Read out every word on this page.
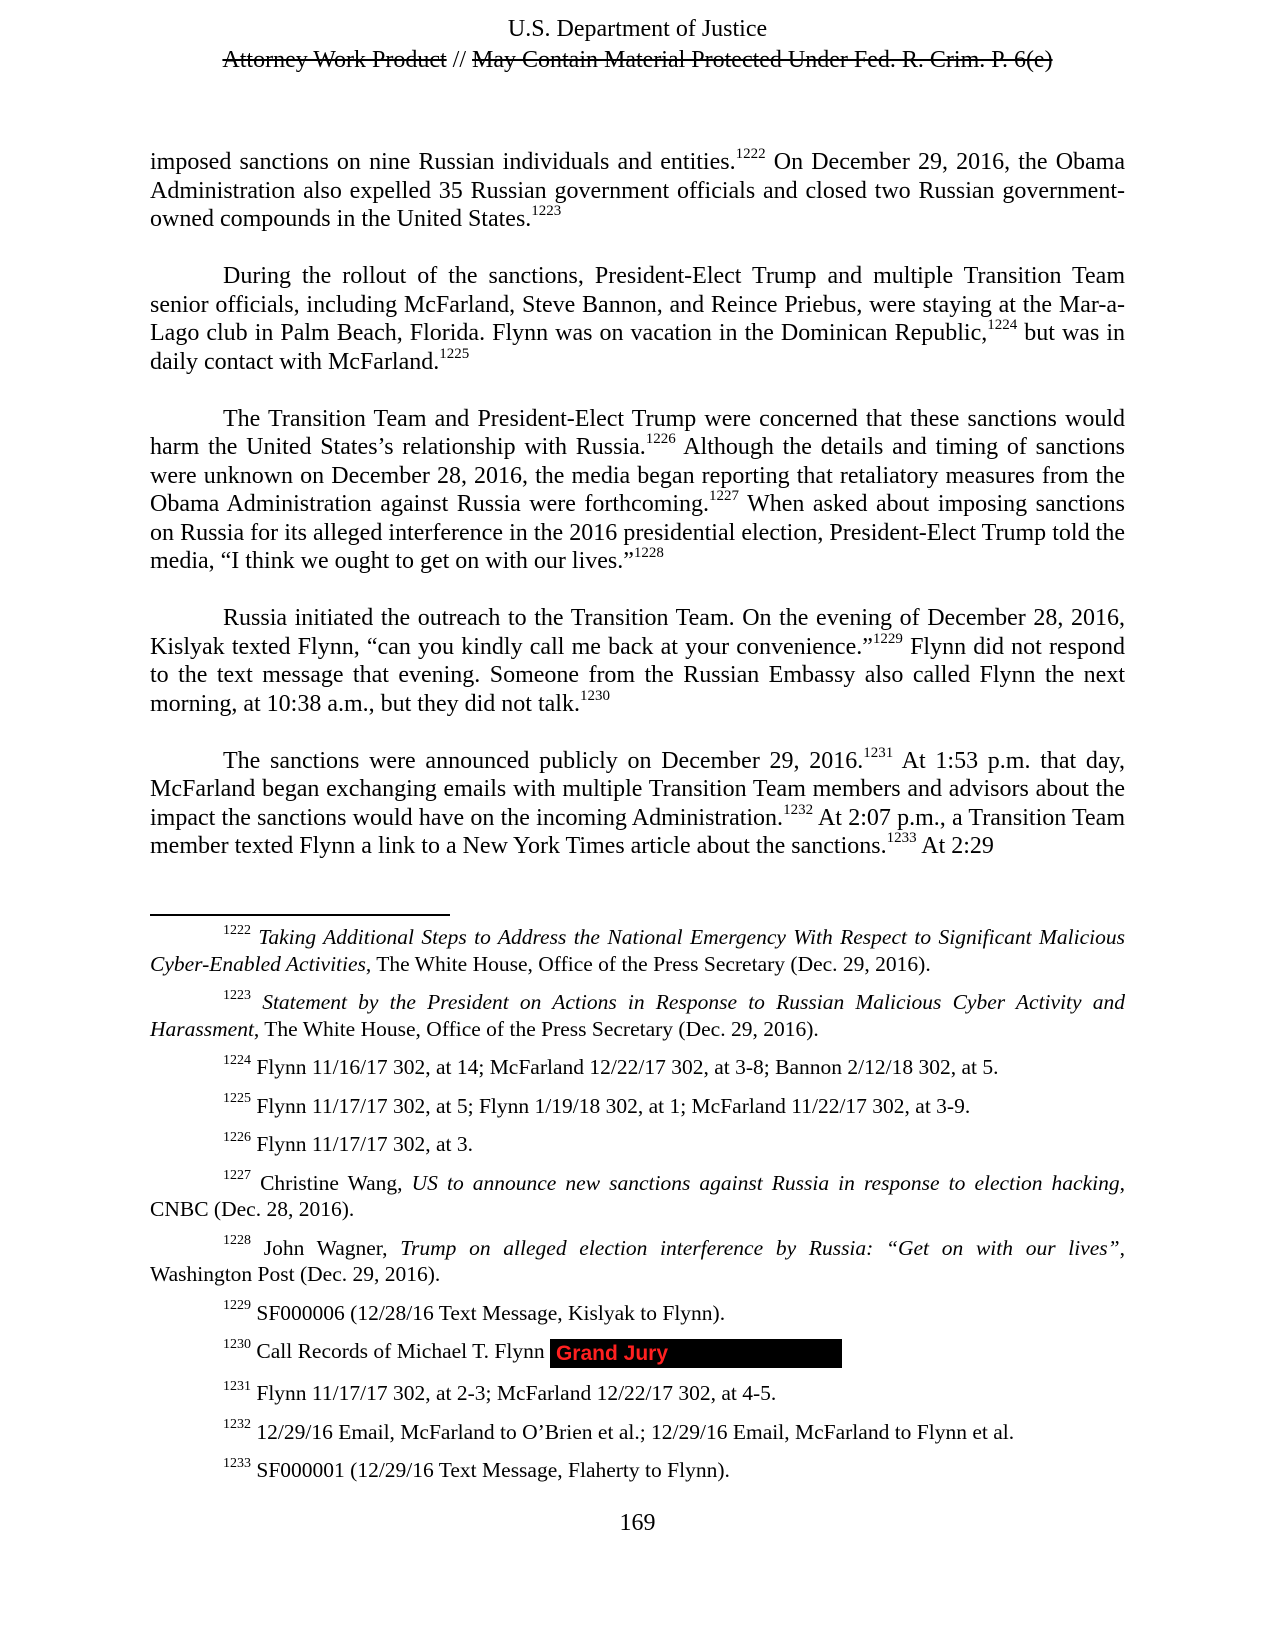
U.S. Department of Justice
Attorney Work Product // May Contain Material Protected Under Fed. R. Crim. P. 6(e)

imposed sanctions on nine Russian individuals and entities.$^{1222}$ On December 29, 2016, the Obama Administration also expelled 35 Russian government officials and closed two Russian government-owned compounds in the United States.$^{1223}$

During the rollout of the sanctions, President-Elect Trump and multiple Transition Team senior officials, including McFarland, Steve Bannon, and Reince Priebus, were staying at the Mar-a-Lago club in Palm Beach, Florida. Flynn was on vacation in the Dominican Republic,$^{1224}$ but was in daily contact with McFarland.$^{1225}$

The Transition Team and President-Elect Trump were concerned that these sanctions would harm the United States’s relationship with Russia.$^{1226}$ Although the details and timing of sanctions were unknown on December 28, 2016, the media began reporting that retaliatory measures from the Obama Administration against Russia were forthcoming.$^{1227}$ When asked about imposing sanctions on Russia for its alleged interference in the 2016 presidential election, President-Elect Trump told the media, “I think we ought to get on with our lives.”$^{1228}$

Russia initiated the outreach to the Transition Team. On the evening of December 28, 2016, Kislyak texted Flynn, “can you kindly call me back at your convenience.”$^{1229}$ Flynn did not respond to the text message that evening. Someone from the Russian Embassy also called Flynn the next morning, at 10:38 a.m., but they did not talk.$^{1230}$

The sanctions were announced publicly on December 29, 2016.$^{1231}$ At 1:53 p.m. that day, McFarland began exchanging emails with multiple Transition Team members and advisors about the impact the sanctions would have on the incoming Administration.$^{1232}$ At 2:07 p.m., a Transition Team member texted Flynn a link to a New York Times article about the sanctions.$^{1233}$ At 2:29

$^{1222}$ Taking Additional Steps to Address the National Emergency With Respect to Significant Malicious Cyber-Enabled Activities, The White House, Office of the Press Secretary (Dec. 29, 2016).
$^{1223}$ Statement by the President on Actions in Response to Russian Malicious Cyber Activity and Harassment, The White House, Office of the Press Secretary (Dec. 29, 2016).
$^{1224}$ Flynn 11/16/17 302, at 14; McFarland 12/22/17 302, at 3-8; Bannon 2/12/18 302, at 5.
$^{1225}$ Flynn 11/17/17 302, at 5; Flynn 1/19/18 302, at 1; McFarland 11/22/17 302, at 3-9.
$^{1226}$ Flynn 11/17/17 302, at 3.
$^{1227}$ Christine Wang, US to announce new sanctions against Russia in response to election hacking, CNBC (Dec. 28, 2016).
$^{1228}$ John Wagner, Trump on alleged election interference by Russia: “Get on with our lives”, Washington Post (Dec. 29, 2016).
$^{1229}$ SF000006 (12/28/16 Text Message, Kislyak to Flynn).
$^{1230}$ Call Records of Michael T. Flynn Grand Jury
$^{1231}$ Flynn 11/17/17 302, at 2-3; McFarland 12/22/17 302, at 4-5.
$^{1232}$ 12/29/16 Email, McFarland to O’Brien et al.; 12/29/16 Email, McFarland to Flynn et al.
$^{1233}$ SF000001 (12/29/16 Text Message, Flaherty to Flynn).
169
